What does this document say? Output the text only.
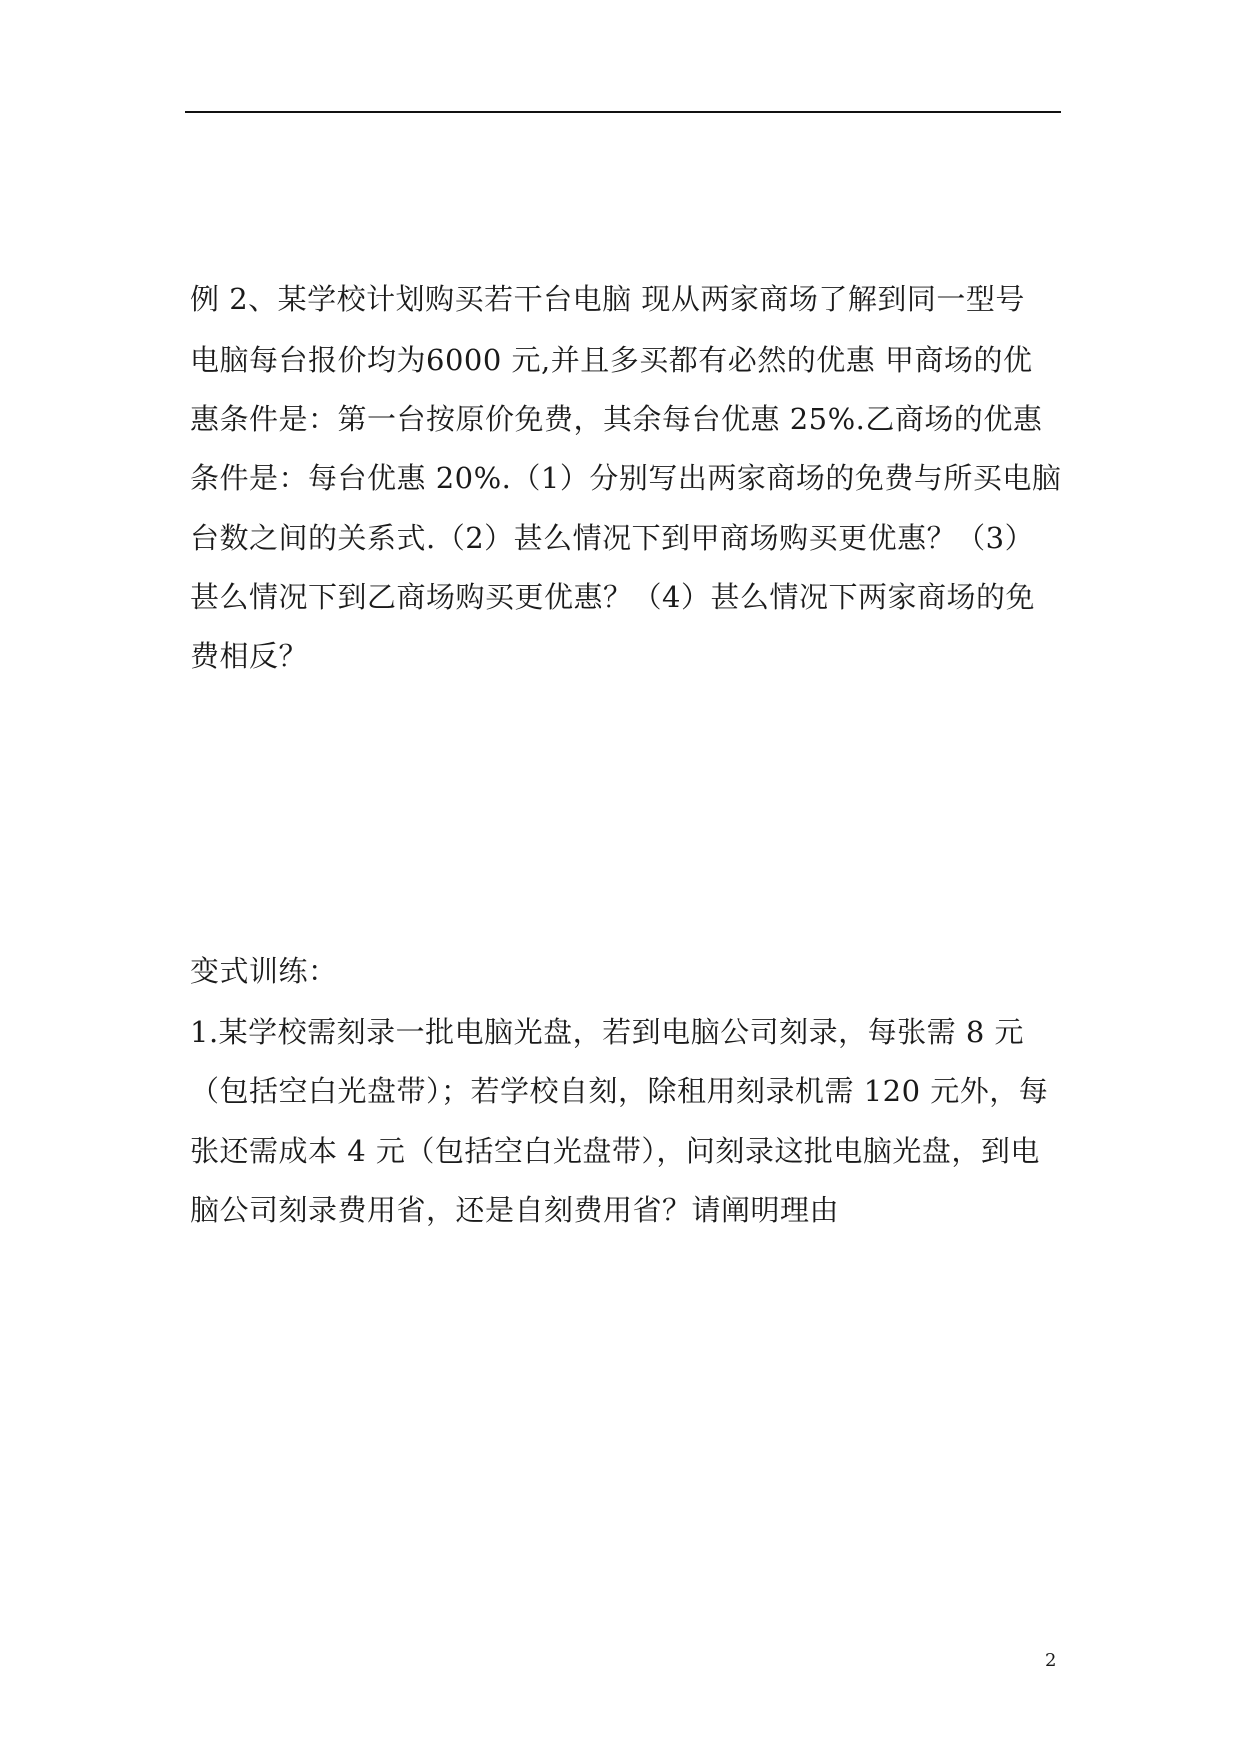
例 2、某学校计划购买若干台电脑 现从两家商场了解到同一型号
电脑每台报价均为6000 元,并且多买都有必然的优惠 甲商场的优
惠条件是：第一台按原价免费，其余每台优惠 25%.乙商场的优惠
条件是：每台优惠 20%.（1）分别写出两家商场的免费与所买电脑
台数之间的关系式.（2）甚么情况下到甲商场购买更优惠？（3）
甚么情况下到乙商场购买更优惠？（4）甚么情况下两家商场的免
费相反？
变式训练：
1.某学校需刻录一批电脑光盘，若到电脑公司刻录，每张需 8 元
（包括空白光盘带）；若学校自刻，除租用刻录机需 120 元外，每
张还需成本 4 元（包括空白光盘带），问刻录这批电脑光盘，到电
脑公司刻录费用省，还是自刻费用省？请阐明理由
2
